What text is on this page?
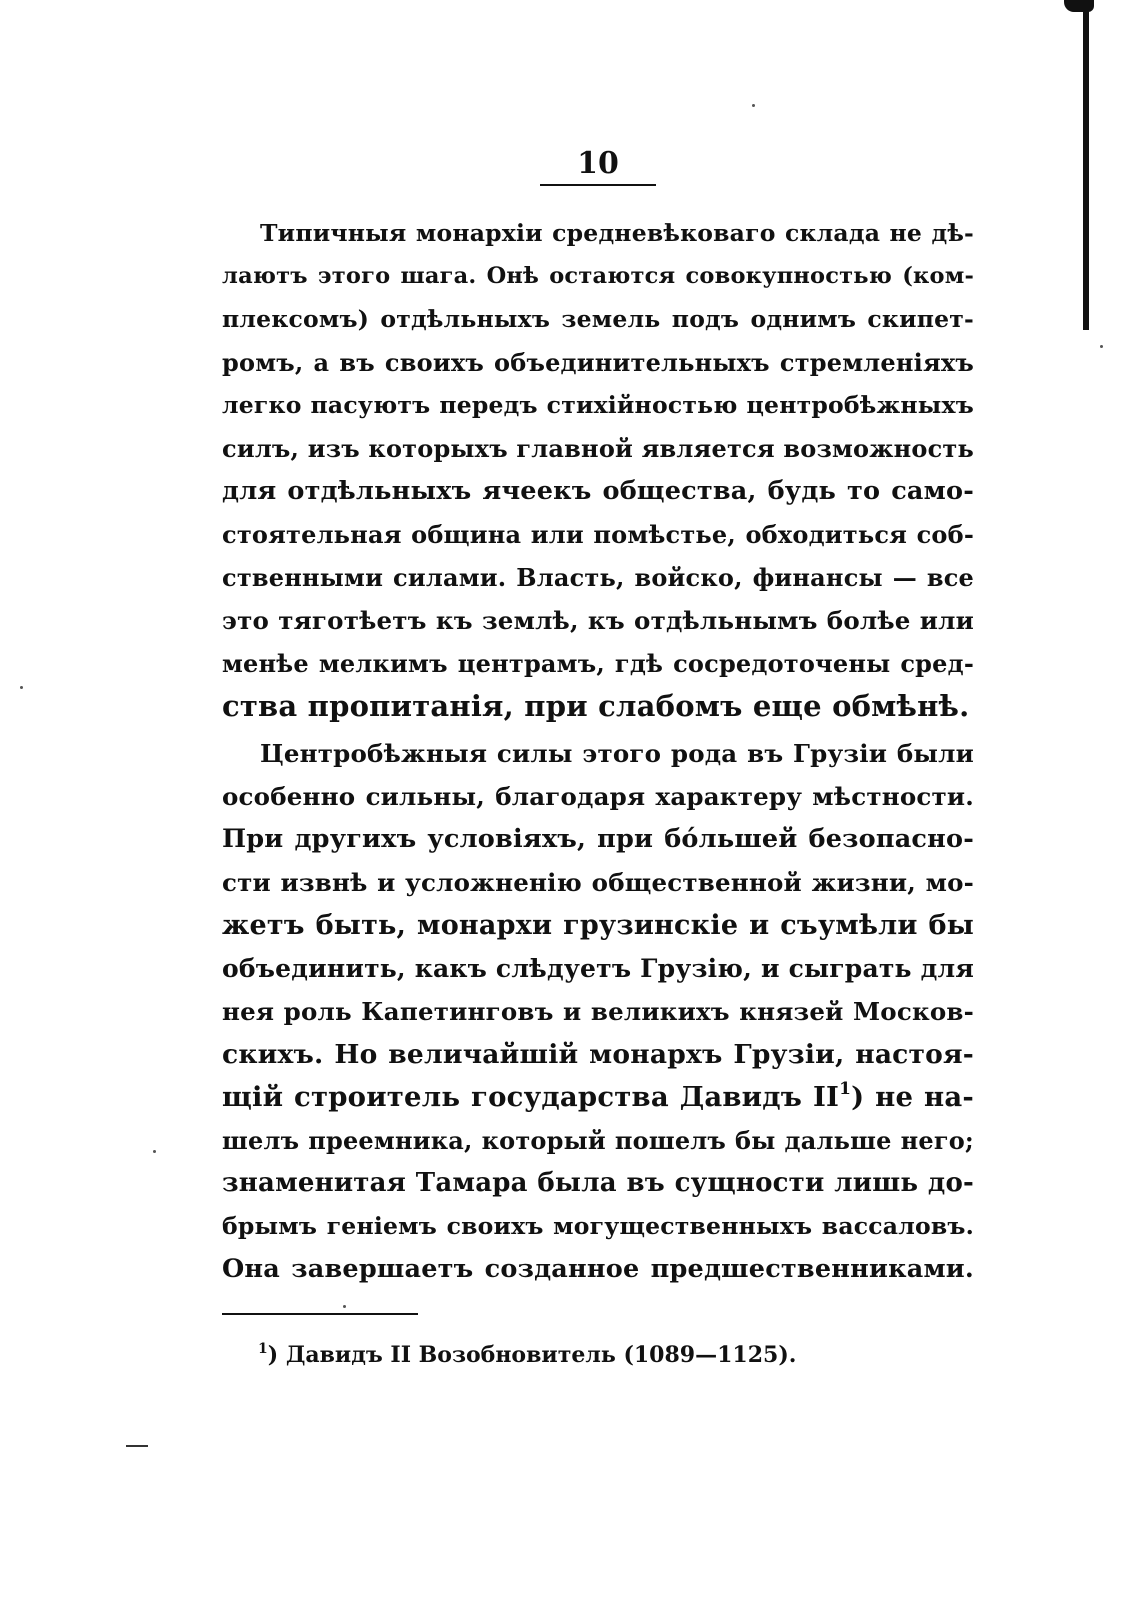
10
Типичныя монархіи средневѣковаго склада не дѣ-
лаютъ этого шага. Онѣ остаются совокупностью (ком-
плексомъ) отдѣльныхъ земель подъ однимъ скипет-
ромъ, а въ своихъ объединительныхъ стремленіяхъ
легко пасуютъ передъ стихійностью центробѣжныхъ
силъ, изъ которыхъ главной является возможность
для отдѣльныхъ ячеекъ общества, будь то само-
стоятельная община или помѣстье, обходиться соб-
ственными силами. Власть, войско, финансы — все
это тяготѣетъ къ землѣ, къ отдѣльнымъ болѣе или
менѣе мелкимъ центрамъ, гдѣ сосредоточены сред-
ства пропитанія, при слабомъ еще обмѣнѣ.
Центробѣжныя силы этого рода въ Грузіи были
особенно сильны, благодаря характеру мѣстности.
При другихъ условіяхъ, при бо́льшей безопасно-
сти извнѣ и усложненію общественной жизни, мо-
жетъ быть, монархи грузинскіе и съумѣли бы
объединить, какъ слѣдуетъ Грузію, и сыграть для
нея роль Капетинговъ и великихъ князей Москов-
скихъ. Но величайшій монархъ Грузіи, настоя-
щій строитель государства Давидъ $II^1$) не на-
шелъ преемника, который пошелъ бы дальше него;
знаменитая Тамара была въ сущности лишь до-
брымъ геніемъ своихъ могущественныхъ вассаловъ.
Она завершаетъ созданное предшественниками.
$^1$) Давидъ II Возобновитель (1089—1125).
